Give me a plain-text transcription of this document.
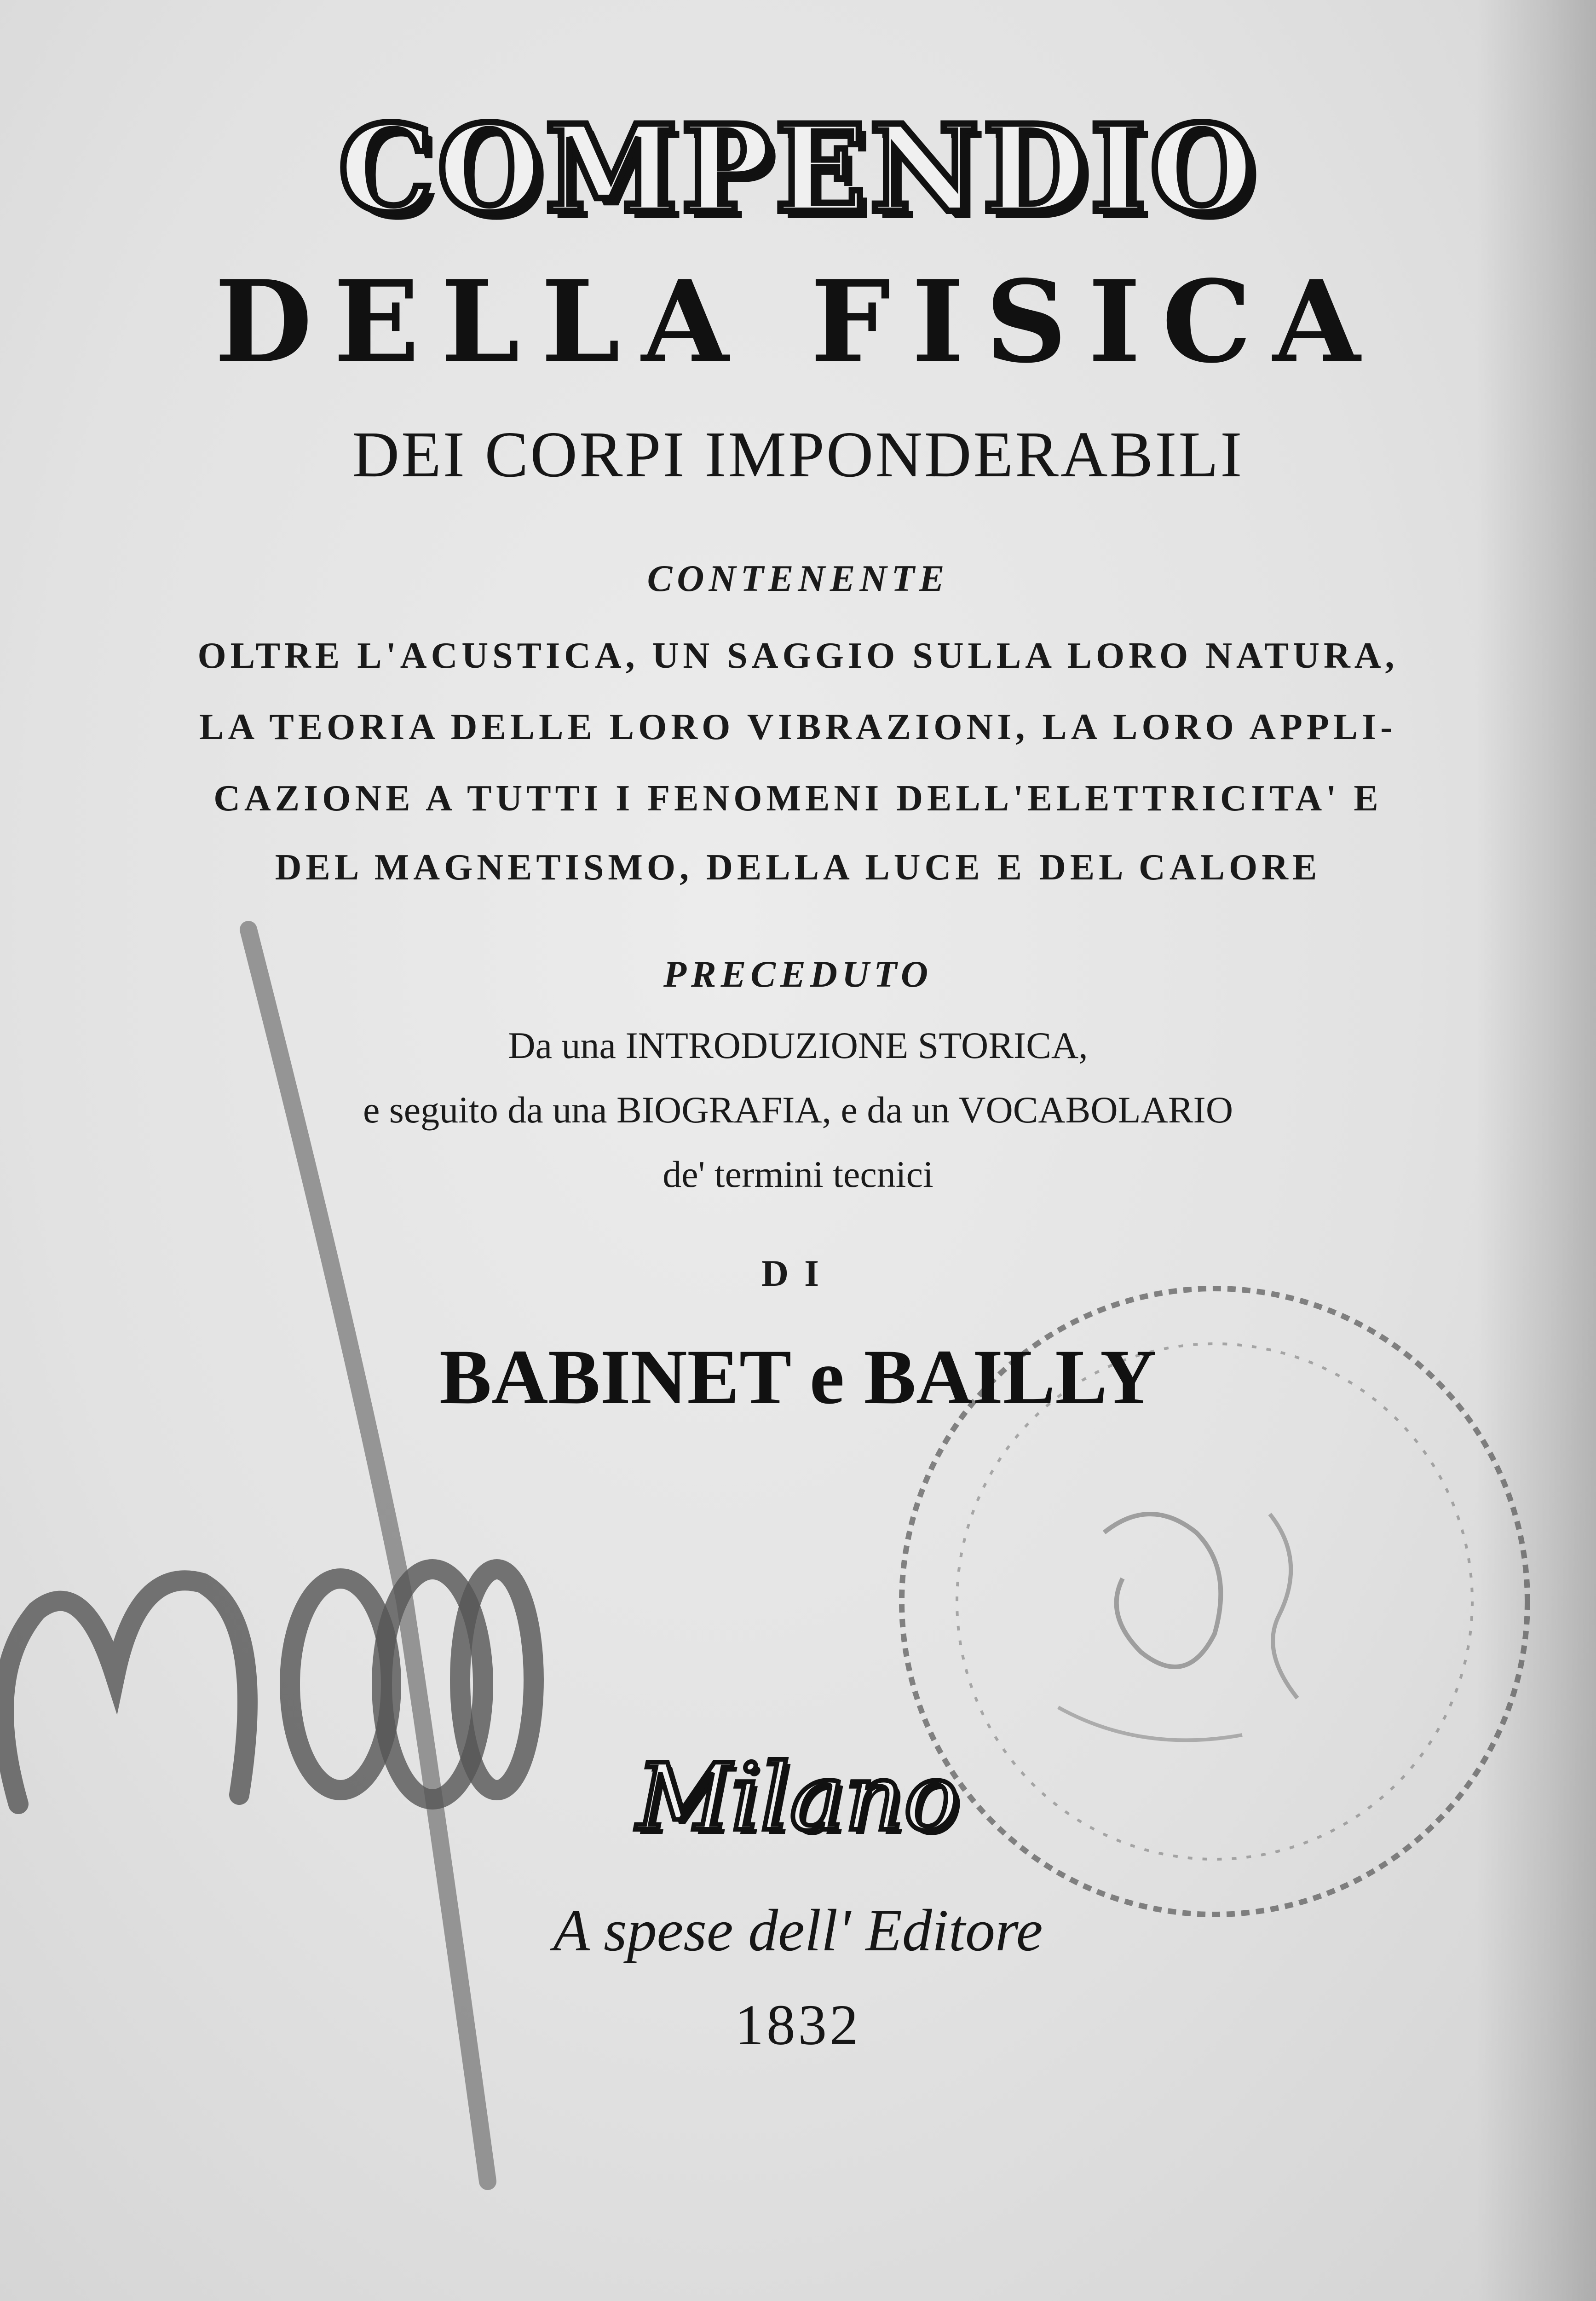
COMPENDIO
DELLA FISICA
DEI CORPI IMPONDERABILI
CONTENENTE
OLTRE L'ACUSTICA, UN SAGGIO SULLA LORO NATURA,
LA TEORIA DELLE LORO VIBRAZIONI, LA LORO APPLI-
CAZIONE A TUTTI I FENOMENI DELL'ELETTRICITA' E
DEL MAGNETISMO, DELLA LUCE E DEL CALORE
PRECEDUTO
Da una INTRODUZIONE STORICA,
e seguito da una BIOGRAFIA, e da un VOCABOLARIO
de' termini tecnici
DI
BABINET e BAILLY
Milano
A spese dell' Editore
1832
